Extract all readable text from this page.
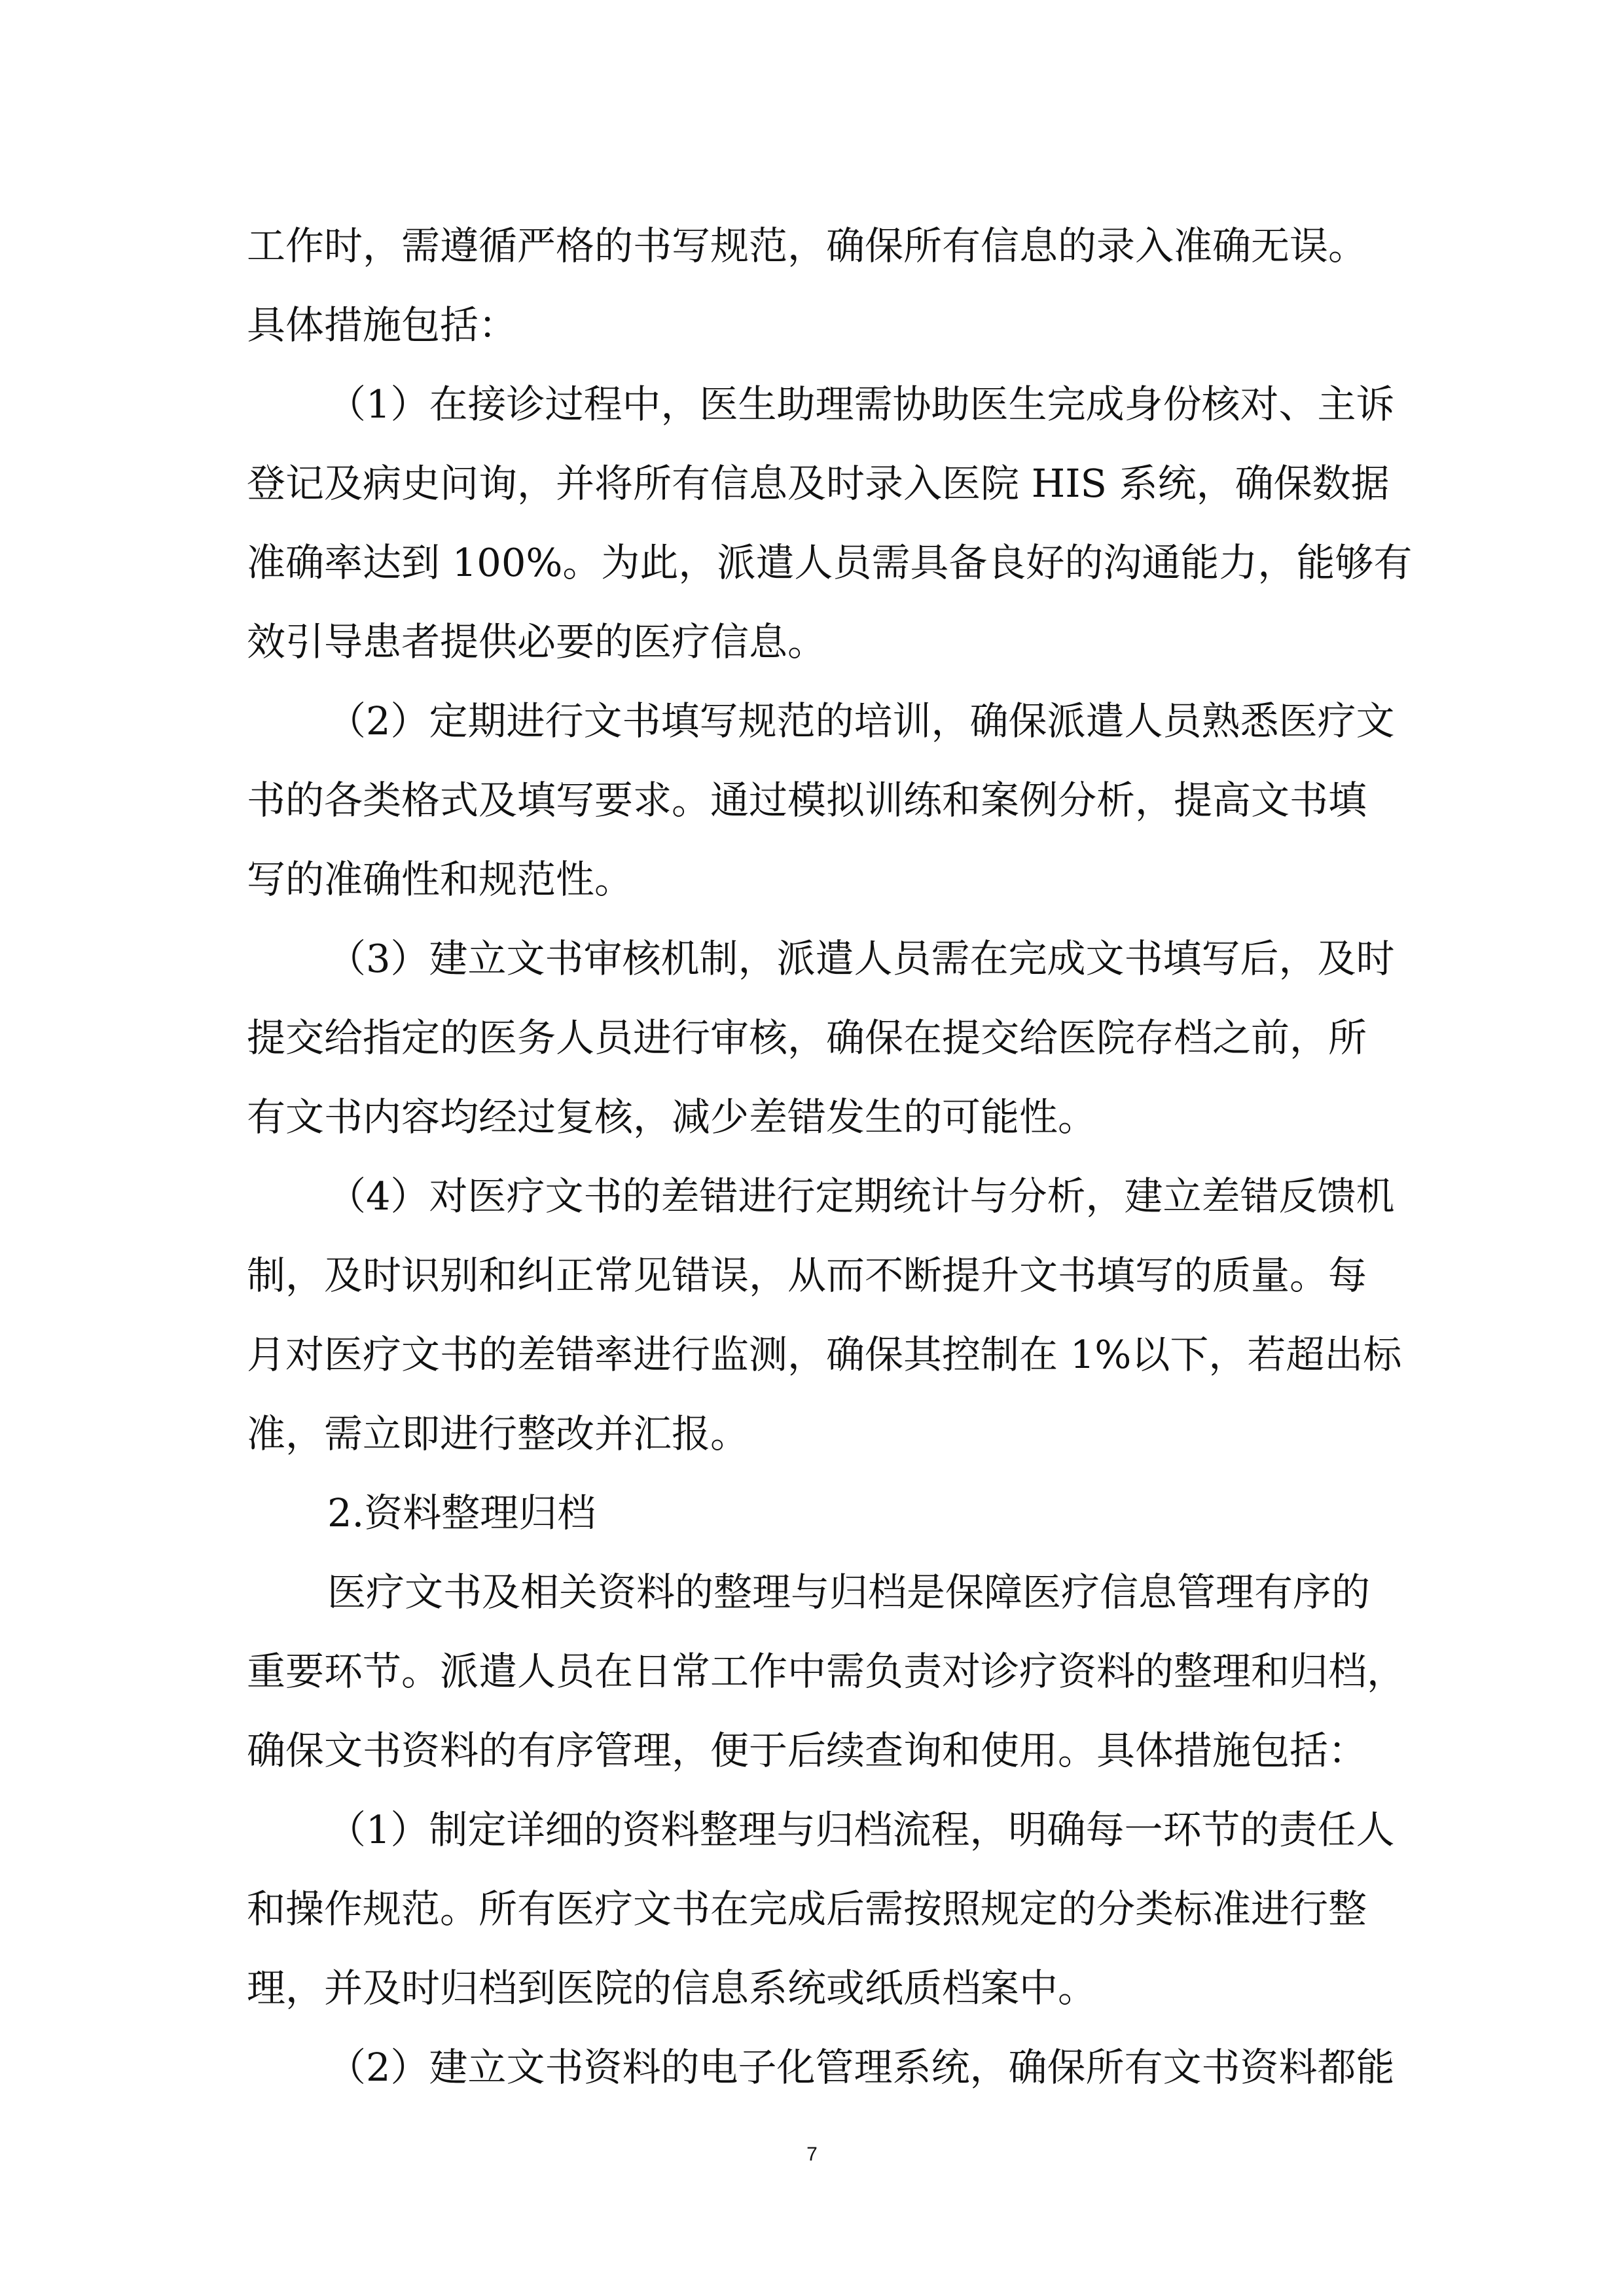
工作时，需遵循严格的书写规范，确保所有信息的录入准确无误。
具体措施包括：
（1）在接诊过程中，医生助理需协助医生完成身份核对、主诉
登记及病史问询，并将所有信息及时录入医院 HIS 系统，确保数据
准确率达到 100%。为此，派遣人员需具备良好的沟通能力，能够有
效引导患者提供必要的医疗信息。
（2）定期进行文书填写规范的培训，确保派遣人员熟悉医疗文
书的各类格式及填写要求。通过模拟训练和案例分析，提高文书填
写的准确性和规范性。
（3）建立文书审核机制，派遣人员需在完成文书填写后，及时
提交给指定的医务人员进行审核，确保在提交给医院存档之前，所
有文书内容均经过复核，减少差错发生的可能性。
（4）对医疗文书的差错进行定期统计与分析，建立差错反馈机
制，及时识别和纠正常见错误，从而不断提升文书填写的质量。每
月对医疗文书的差错率进行监测，确保其控制在 1%以下，若超出标
准，需立即进行整改并汇报。
2.资料整理归档
医疗文书及相关资料的整理与归档是保障医疗信息管理有序的
重要环节。派遣人员在日常工作中需负责对诊疗资料的整理和归档，
确保文书资料的有序管理，便于后续查询和使用。具体措施包括：
（1）制定详细的资料整理与归档流程，明确每一环节的责任人
和操作规范。所有医疗文书在完成后需按照规定的分类标准进行整
理，并及时归档到医院的信息系统或纸质档案中。
（2）建立文书资料的电子化管理系统，确保所有文书资料都能
7
